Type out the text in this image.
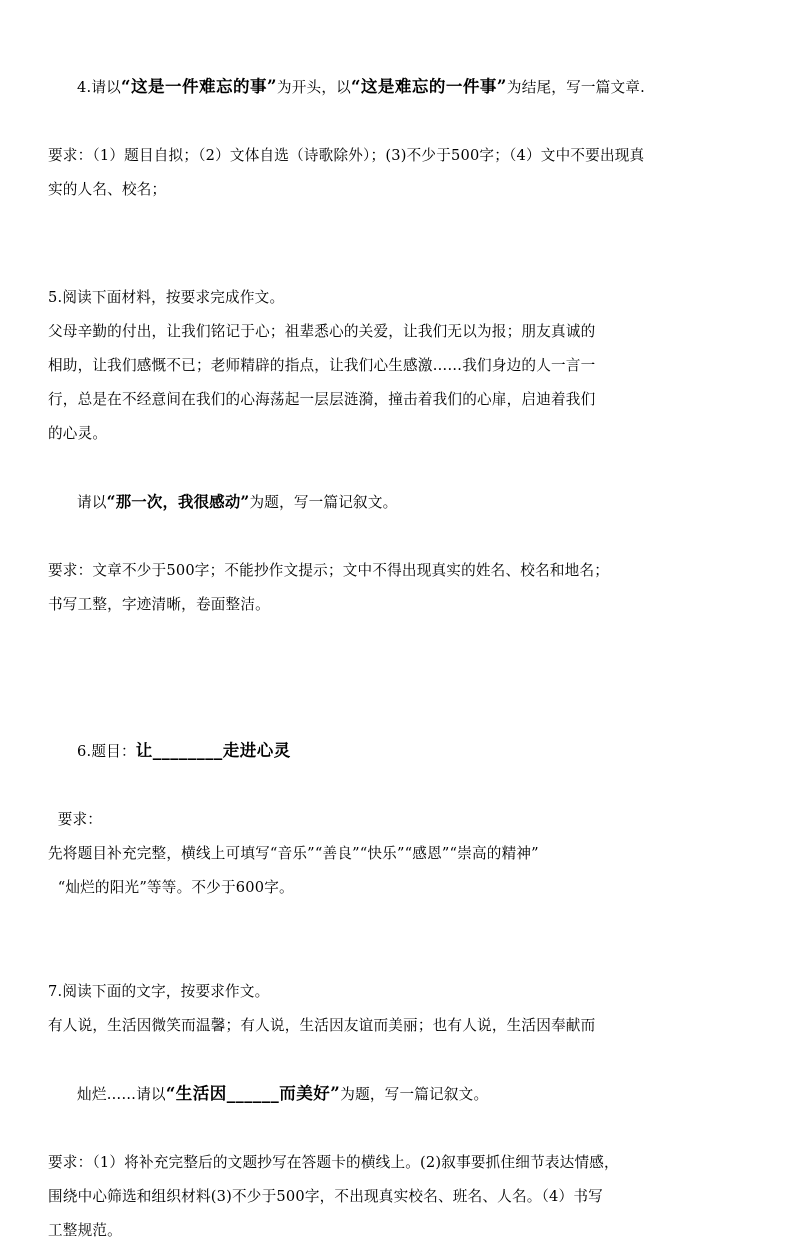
4.请以“这是一件难忘的事”为开头，以“这是难忘的一件事”为结尾，写一篇文章.

要求：（1）题目自拟；（2）文体自选（诗歌除外）；(3)不少于500字；（4）文中不要出现真

实的人名、校名；

5.阅读下面材料，按要求完成作文。

父母辛勤的付出，让我们铭记于心；祖辈悉心的关爱，让我们无以为报；朋友真诚的

相助，让我们感慨不已；老师精辟的指点，让我们心生感激……我们身边的人一言一

行，总是在不经意间在我们的心海荡起一层层涟漪，撞击着我们的心扉，启迪着我们

的心灵。

请以“那一次，我很感动”为题，写一篇记叙文。

要求：文章不少于500字；不能抄作文提示；文中不得出现真实的姓名、校名和地名；

书写工整，字迹清晰，卷面整洁。

6.题目：让________走进心灵

要求：

先将题目补充完整，横线上可填写“音乐”“善良”“快乐”“感恩”“崇高的精神”

“灿烂的阳光”等等。不少于600字。

7.阅读下面的文字，按要求作文。

有人说，生活因微笑而温馨；有人说，生活因友谊而美丽；也有人说，生活因奉献而

灿烂……请以“生活因______而美好”为题，写一篇记叙文。

要求：（1）将补充完整后的文题抄写在答题卡的横线上。(2)叙事要抓住细节表达情感，

围绕中心筛选和组织材料(3)不少于500字，不出现真实校名、班名、人名。（4）书写

工整规范。
